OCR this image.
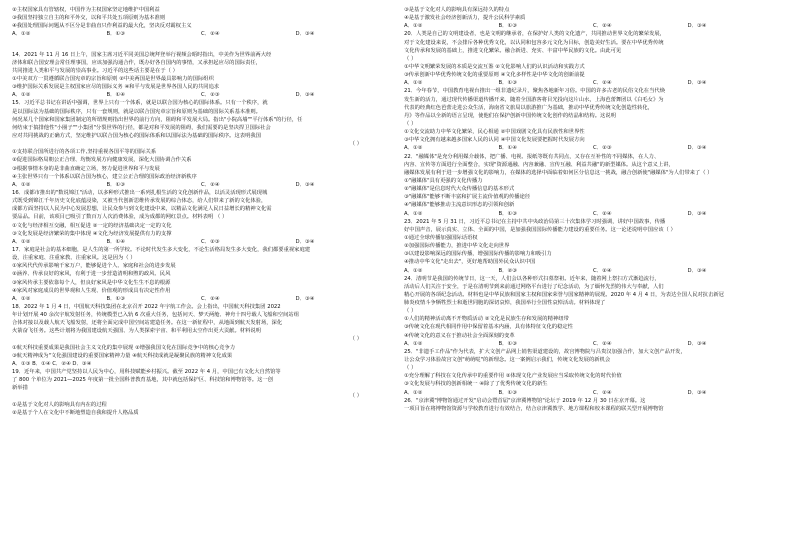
②主权国家具有管辖权，中国作为主权国家坚定地维护中国利益
③我国坚持独立自主的和平外交，以和平共处五项原则为基本准则
④我国处理国际问题从不区分是非曲直只作利益的最大化，坚决反对霸权主义
A．①②	B．①③	C．②④	D．③④
14．2021 年 11 月 16 日上午，国家主席习近平同美国总统拜登举行视频会晤时指出，中美作为世界前两大经
济体和联合国安理会常任理事国，应该加强沟通合作，既办好各自国内的事情，又承担起应尽的国际责任，
共同推进人类和平与发展的崇高事业。习近平的这些话主要是在于（ ）
①中美双方一贯遵循联合国宪章的宗旨和原则 ②中美两国是世界最具影响力的国际组织
③维护国际关系发展是主权国家应尽的国际义务 ④和平与发展是世界各国人民的共同追求
A．①②	B．①④	C．②③	D．③④
15．习近平总书记在讲话中强调，世界上只有一个体系，就是以联合国为核心的国际体系。只有一个秩序，就
是以国际法为基础的国际秩序，只有一套规则，就是以联合国宪章宗旨和原则为基础的国际关系基本准则。
何况某几个国家和国家集团制定的所谓规则指出世界的前行方向，阻碍和平发展大局。指出"小院高墙""平行体系"的行径，任
何结束于搞排他性"小圈子""小集团"分裂世界的行径，都是对和平发展的阻碍，我们需要的是坚决捍卫国际社会
应对共同挑战的正确方式，坚定维护以联合国为核心的国际体系和以国际法为基础的国际秩序。这表明我国
（ ）
①支持联合国所进行的各项工作,坚持重视各国平等的国际关系
②促进国际格局朝公正合理、均衡发展方向健康发展，深化大国协调合作关系
③根据事情本身的是非曲直确定立场，努力促进世界和平与发展
④主张世界只有一个体系以联合国为核心，建立公正合理的国际政治经济新秩序
A．①②	B．①③	C．②④	D．③④
16．成都市推出的"数说锦江"活动，以多种形式推出一系列扎根生活的文化创新作品，以活灵活现形式展现城
式既受到锦江千年历史文化底蕴浸染，又被当代创新思维传承发展的综合体态，给人们带来了新的文化体验，
成都方面坚持以人民为中心发展思想，让民众参与到文化建设中来，以精品文化满足人民日益增长的精神文化需
要品品。目前，该项目已吸引了数百万人次消费体验，成为成都的网红景点。材料表明 （ ）
①文化与经济相互交融，相互促进 ②一定的经济基础决定一定的文化
③文化发展是经济繁荣的集中体现 ④文化为经济发展提供有力的支撑
A．①②	B．①④	C．②③	D．③④
17．家庭是社会的基本细胞，是人生的第一所学校。不论时代发生多大变化，不论生活格局发生多大变化，我们都要重视家庭建
设，注重家庭、注重家教、注重家风。这是因为（ ）
①家风代代传承影响千家万户，能够促进个人、家庭和社会的进步发展
②涵养、传承良好的家风，有利于进一步营造清明和煦的政风、民风
③家风传承主要依靠每个人，但良好家风是中华文化生生不息的根源
④家风对家庭成员的世界观和人生观、价值观的形成具有决定性作用
A．①②	B．①③	C．②④	D．③④
18．2022 年 1 月 4 日，中国航天科技集团在北京召开 2022 年宇航工作会。会上指出，中国航天科技集团 2022
年计划开展 40 余次宇航发射任务，传统模型已入轨 6 次重大任务，包括问天、梦天两舱、神舟十四号载人飞船和空间站组
合体对接以及载人航天飞船发射，还将全面完成中国空间站建造任务。在这一新征程中，从地面到航天发射场，深化
火箭奋飞任务。这些计划将为我国建设航天强国、为人类探索宇宙、和平利用太空作出更大贡献。材料说明
（ ）
①航天科技重要成果是我国社会主义文化的集中展现 ②增强我国文化在国际竞争中的核心竞争力
③航天精神成为"文化强国建设的重要国家精神力量 ④航天科技成就是凝聚民族的精神文化成果
A．①③ B．①④ C．②④ D．③④
19．近年来，中国共产党坚持以人民为中心，用科技赋能乡村振兴。截至 2022 年 4 月，中国已有文化大自然馆等
了 800 个单位为 2021—2025 年度第一批全国科普教育基地，其中就包括保护区、科技馆和博物馆等。这一创
新举措
（ ）
①是基于文化对人的影响具有内在的过程
②是基于个人在文化中不断地塑造自我和提升人格品质
③是基于文化对人的影响具有深远持久的特点
④是基于激发社会经济创新活力，提升公民科学素质
A．①②	B．①③	C．②④	D．③④
20．人类是自己的文明建设者，也是文明的继承者，在保护好人类的文化遗产，共同推动世界文化的繁荣发展，
对于文化建设来说，不会排斥各种优秀文化，以认同和包容多元文化为目标，创造美好生活。要在中华优秀传统
文化传承和发展的基础上，推进文化繁荣。融合新进、充实、丰富中华民族的文化。由此可见
（ ）
①中华文明繁荣发展的本质是交流互鉴 ②文化影响人们的认识活动和实践方式
③传承创新中华优秀传统文化的重要原则 ④文化多样性是中华文化的创新前提
A．①②	B．①③	C．②④	D．③④
21．今年春节，中国教育电视台推出一组非遗纪录片，聚焦各地新年习俗。中国的许多古老的民俗文化在当代焕
发生新的活力，通过现代传播渠道传播开来，随着全国游客将目光投向这片山水，上海芭蕾舞团以《白毛女》为
代表的经典红色芭蕾走进公众生活，海南省文旅局以旅游推广为基础，推动中华优秀传统文化创造性转化，
丹》等作品以全新的语言呈现，使他们在保护创新中国传统文化创作的结晶和结构。这说明
（ ）
①文化交流助力中华文化繁荣，民心相通 ②中国戏剧文化具有民族性和世界性
③中华文化拥有越来越多国家人民的认同 ④中国文化发展要把握时代发展方向
A．①②	B．①④	C．②③	D．③④
22．"融媒体"是充分利用媒介载体，把广播、电视、报纸等既有共同点，又存在互补性的不同媒体，在人力、
内容、宣传等方面进行全面整合，实现"资源通融、内容兼融、宣传互融、利益共融"的新型媒体。从这个意义上讲，
融媒体发展有利于进一步增强文化的影响力，在媒体的选择中面临着如何区分信息这一挑战，融合创新使"融媒体"为人们带来了（ ）
①"融媒体"具有更强的文化传播力
②"融媒体"是信息时代大众传播信息的基本形式
③"融媒体"能够不断丰富和扩展主流价值观的传播途径
④"融媒体"能够推动主流意识形态的引领和创新
A．①②	B．①③	C．②④	D．③④
23．2021 年 5 月 31 日，习近平总书记在主持中共中央政治局第三十次集体学习时强调，讲好中国故事，传播
好中国声音，展示真实、立体、全面的中国，是加强我国国际传播能力建设的重要任务。这一论述说明中国应该（ ）
①通过全球传播加强国际话语权
②加强国际传播能力，推进中华文化走向世界
③以建设影响深远的国际传播，增强国际传播的影响力和吸引力
④推动中华文化"走出去"，更好地帮助国外民众认识中国
A．①②	B．②③	C．②④	D．③④
24．清明节是我国的传统节日，这一天，人们会以各种形式扫墓祭祖。近年来，随着网上祭扫方式渐趋流行，
活动后人们关注于安全，于是在清明节到来前通过网络平台进行了纪念活动，为了缅怀先烈的伟大与奉献，人们
精心开展的各项纪念活动。材料也是中华民族和国家主权和国家荣誉与国家精神的展现。2020 年 4 月 4 日，为表达全国人民对抗击新冠
肺炎疫情斗争牺牲烈士和逝世同胞的深切哀悼，我国举行全国性哀悼活动。材料体现了
（ ）
①人们的精神活动离不开物质活动 ②文化是民族生存和发展的精神纽带
③传统文化在现代相同作用中保留着基本内涵，具有体特征文化的稳定性
④传统文化的意义在于推动社会全面深刻的变革
A．①②	B．①③	C．②④	D．③④
25．"非遗手工作品"作为代表，扩大文创产品网上销售渠道建设的，故宫博物院与吕贵汉加强合作，加大文创产品开发，
让公众学习体验故宫文创"萌萌哒"的新理念。这一案例启示我们，传统文化发展的新机会
（ ）
①充分理解了科技在文化传承中的重要作用 ②体现文化产业发展应当采取传统文化的时代价值
③文化发展与科技的创新相统一 ④除了了优秀传统文化的新生
A．①②	B．①③	C．②④	D．③④
26．"京津冀"博物馆通过开发"启动会暨首届"京津冀博物馆"论坛于 2019 年 12 月 30 日在京开幕。这
一项目旨在将博物馆资源与学校教育进行有效结合，结合京津冀教学、地方课程和校本课程的联关型开展博物馆
